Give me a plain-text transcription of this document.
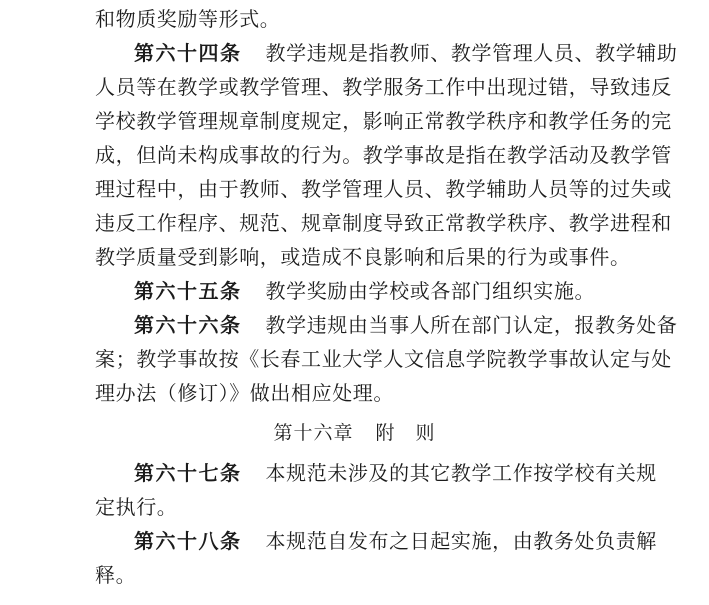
和物质奖励等形式。
第六十四条 教学违规是指教师、教学管理人员、教学辅助
人员等在教学或教学管理、教学服务工作中出现过错，导致违反
学校教学管理规章制度规定，影响正常教学秩序和教学任务的完
成，但尚未构成事故的行为。教学事故是指在教学活动及教学管
理过程中，由于教师、教学管理人员、教学辅助人员等的过失或
违反工作程序、规范、规章制度导致正常教学秩序、教学进程和
教学质量受到影响，或造成不良影响和后果的行为或事件。
第六十五条 教学奖励由学校或各部门组织实施。
第六十六条 教学违规由当事人所在部门认定，报教务处备
案；教学事故按《长春工业大学人文信息学院教学事故认定与处
理办法（修订）》做出相应处理。
第十六章 附　则
第六十七条 本规范未涉及的其它教学工作按学校有关规
定执行。
第六十八条 本规范自发布之日起实施，由教务处负责解
释。
